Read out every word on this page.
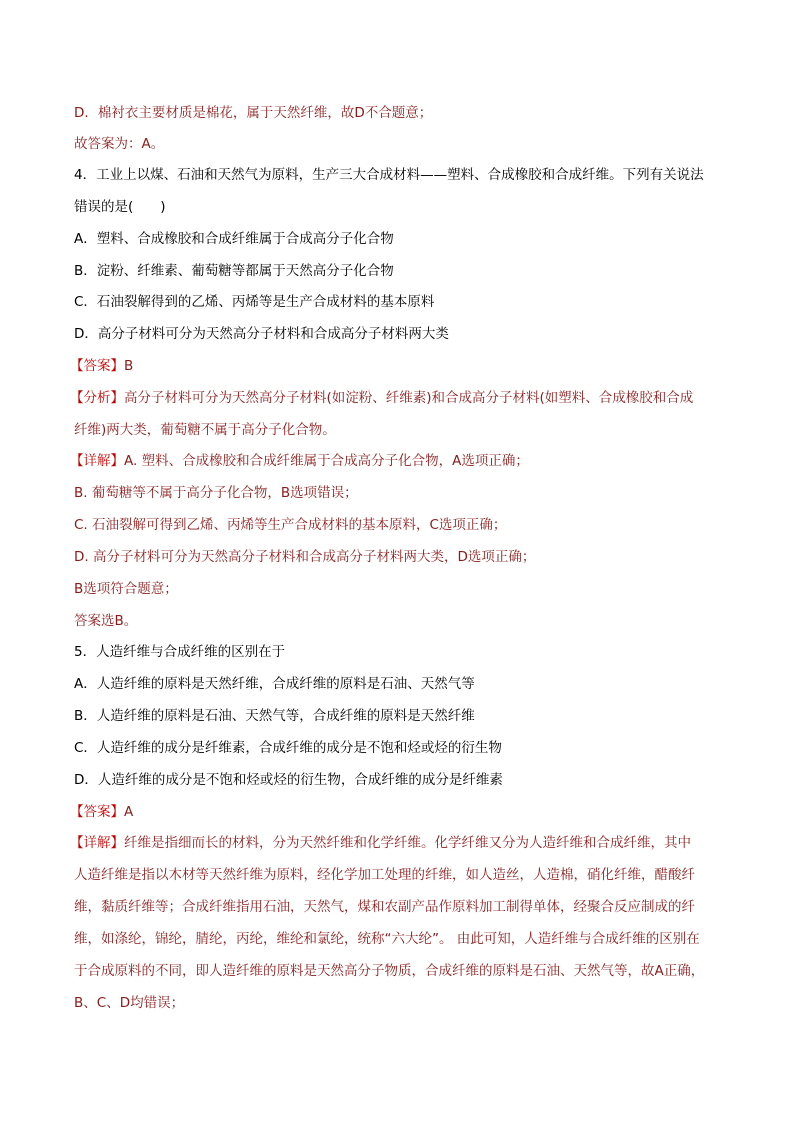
D．棉衬衣主要材质是棉花，属于天然纤维，故D不合题意；
故答案为：A。
4．工业上以煤、石油和天然气为原料，生产三大合成材料——塑料、合成橡胶和合成纤维。下列有关说法
错误的是(　　)
A．塑料、合成橡胶和合成纤维属于合成高分子化合物
B．淀粉、纤维素、葡萄糖等都属于天然高分子化合物
C．石油裂解得到的乙烯、丙烯等是生产合成材料的基本原料
D．高分子材料可分为天然高分子材料和合成高分子材料两大类
【答案】B
【分析】高分子材料可分为天然高分子材料(如淀粉、纤维素)和合成高分子材料(如塑料、合成橡胶和合成
纤维)两大类，葡萄糖不属于高分子化合物。
【详解】A. 塑料、合成橡胶和合成纤维属于合成高分子化合物，A选项正确；
B. 葡萄糖等不属于高分子化合物，B选项错误；
C. 石油裂解可得到乙烯、丙烯等生产合成材料的基本原料，C选项正确；
D. 高分子材料可分为天然高分子材料和合成高分子材料两大类，D选项正确；
B选项符合题意；
答案选B。
5．人造纤维与合成纤维的区别在于
A．人造纤维的原料是天然纤维，合成纤维的原料是石油、天然气等
B．人造纤维的原料是石油、天然气等，合成纤维的原料是天然纤维
C．人造纤维的成分是纤维素，合成纤维的成分是不饱和烃或烃的衍生物
D．人造纤维的成分是不饱和烃或烃的衍生物，合成纤维的成分是纤维素
【答案】A
【详解】纤维是指细而长的材料，分为天然纤维和化学纤维。化学纤维又分为人造纤维和合成纤维，其中
人造纤维是指以木材等天然纤维为原料，经化学加工处理的纤维，如人造丝，人造棉，硝化纤维，醋酸纤
维，黏质纤维等；合成纤维指用石油，天然气，煤和农副产品作原料加工制得单体，经聚合反应制成的纤
维，如涤纶，锦纶，腈纶，丙纶，维纶和氯纶，统称“六大纶”。 由此可知，人造纤维与合成纤维的区别在
于合成原料的不同，即人造纤维的原料是天然高分子物质，合成纤维的原料是石油、天然气等，故A正确，
B、C、D均错误；
